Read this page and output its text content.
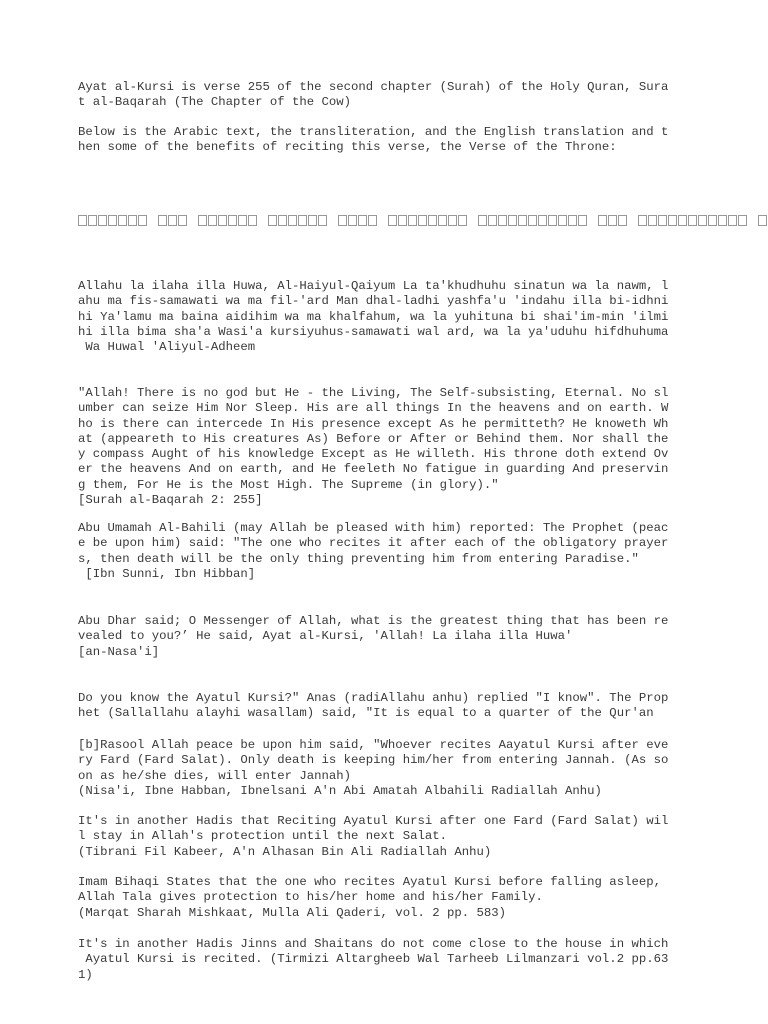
Ayat al-Kursi is verse 255 of the second chapter (Surah) of the Holy Quran, Sura
t al-Baqarah (The Chapter of the Cow)
Below is the Arabic text, the transliteration, and the English translation and t
hen some of the benefits of reciting this verse, the Verse of the Throne:
Allahu la ilaha illa Huwa, Al-Haiyul-Qaiyum La ta'khudhuhu sinatun wa la nawm, l
ahu ma fis-samawati wa ma fil-'ard Man dhal-ladhi yashfa'u 'indahu illa bi-idhni
hi Ya'lamu ma baina aidihim wa ma khalfahum, wa la yuhituna bi shai'im-min 'ilmi
hi illa bima sha'a Wasi'a kursiyuhus-samawati wal ard, wa la ya'uduhu hifdhuhuma
Wa Huwal 'Aliyul-Adheem
"Allah! There is no god but He - the Living, The Self-subsisting, Eternal. No sl
umber can seize Him Nor Sleep. His are all things In the heavens and on earth. W
ho is there can intercede In His presence except As he permitteth? He knoweth Wh
at (appeareth to His creatures As) Before or After or Behind them. Nor shall the
y compass Aught of his knowledge Except as He willeth. His throne doth extend Ov
er the heavens And on earth, and He feeleth No fatigue in guarding And preservin
g them, For He is the Most High. The Supreme (in glory)."
[Surah al-Baqarah 2: 255]
Abu Umamah Al-Bahili (may Allah be pleased with him) reported: The Prophet (peac
e be upon him) said: "The one who recites it after each of the obligatory prayer
s, then death will be the only thing preventing him from entering Paradise."
[Ibn Sunni, Ibn Hibban]
Abu Dhar said; O Messenger of Allah, what is the greatest thing that has been re
vealed to you?’ He said, Ayat al-Kursi, 'Allah! La ilaha illa Huwa'
[an-Nasa'i]
Do you know the Ayatul Kursi?" Anas (radiAllahu anhu) replied "I know". The Prop
het (Sallallahu alayhi wasallam) said, "It is equal to a quarter of the Qur'an
[b]Rasool Allah peace be upon him said, "Whoever recites Aayatul Kursi after eve
ry Fard (Fard Salat). Only death is keeping him/her from entering Jannah. (As so
on as he/she dies, will enter Jannah)
(Nisa'i, Ibne Habban, Ibnelsani A'n Abi Amatah Albahili Radiallah Anhu)
It's in another Hadis that Reciting Ayatul Kursi after one Fard (Fard Salat) wil
l stay in Allah's protection until the next Salat.
(Tibrani Fil Kabeer, A'n Alhasan Bin Ali Radiallah Anhu)
Imam Bihaqi States that the one who recites Ayatul Kursi before falling asleep,
Allah Tala gives protection to his/her home and his/her Family.
(Marqat Sharah Mishkaat, Mulla Ali Qaderi, vol. 2 pp. 583)
It's in another Hadis Jinns and Shaitans do not come close to the house in which
Ayatul Kursi is recited. (Tirmizi Altargheeb Wal Tarheeb Lilmanzari vol.2 pp.63
1)
